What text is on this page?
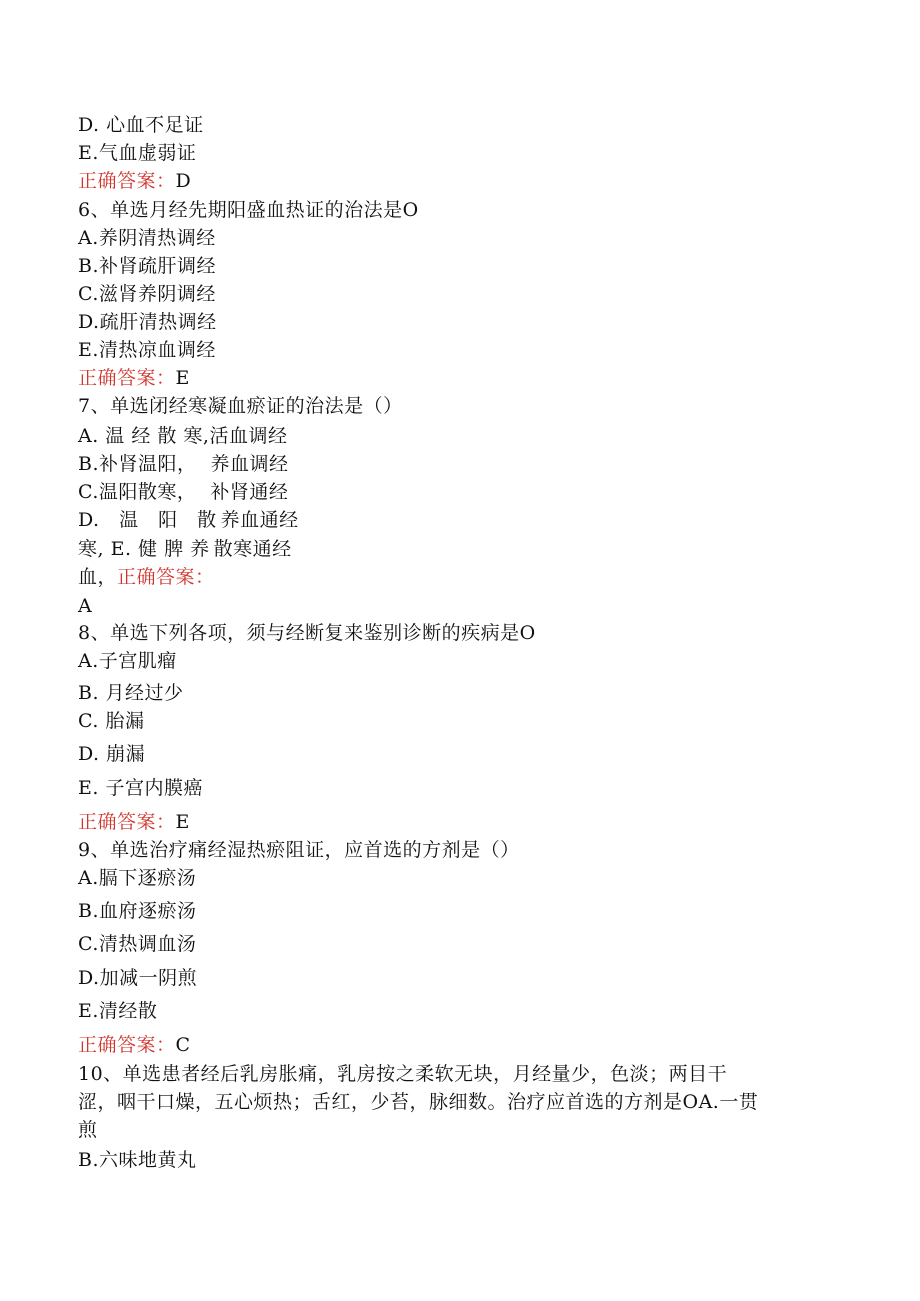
D. 心血不足证
E.气血虚弱证
正确答案：D
6、单选月经先期阳盛血热证的治法是O
A.养阴清热调经
B.补肾疏肝调经
C.滋肾养阴调经
D.疏肝清热调经
E.清热凉血调经
正确答案：E
7、单选闭经寒凝血瘀证的治法是（）
A. 温 经 散 寒,活血调经
B.补肾温阳， 养血调经
C.温阳散寒， 补肾通经
D.　温　阳　散 养血通经
寒, E. 健 脾 养 散寒通经
血，正确答案：
A
8、单选下列各项，须与经断复来鉴别诊断的疾病是O
A.子宫肌瘤
B. 月经过少
C. 胎漏
D. 崩漏
E. 子宫内膜癌
正确答案：E
9、单选治疗痛经湿热瘀阻证，应首选的方剂是（）
A.膈下逐瘀汤
B.血府逐瘀汤
C.清热调血汤
D.加减一阴煎
E.清经散
正确答案：C
10、单选患者经后乳房胀痛，乳房按之柔软无块，月经量少，色淡；两目干
涩，咽干口燥，五心烦热；舌红，少苔，脉细数。治疗应首选的方剂是OA.一贯
煎
B.六味地黄丸
